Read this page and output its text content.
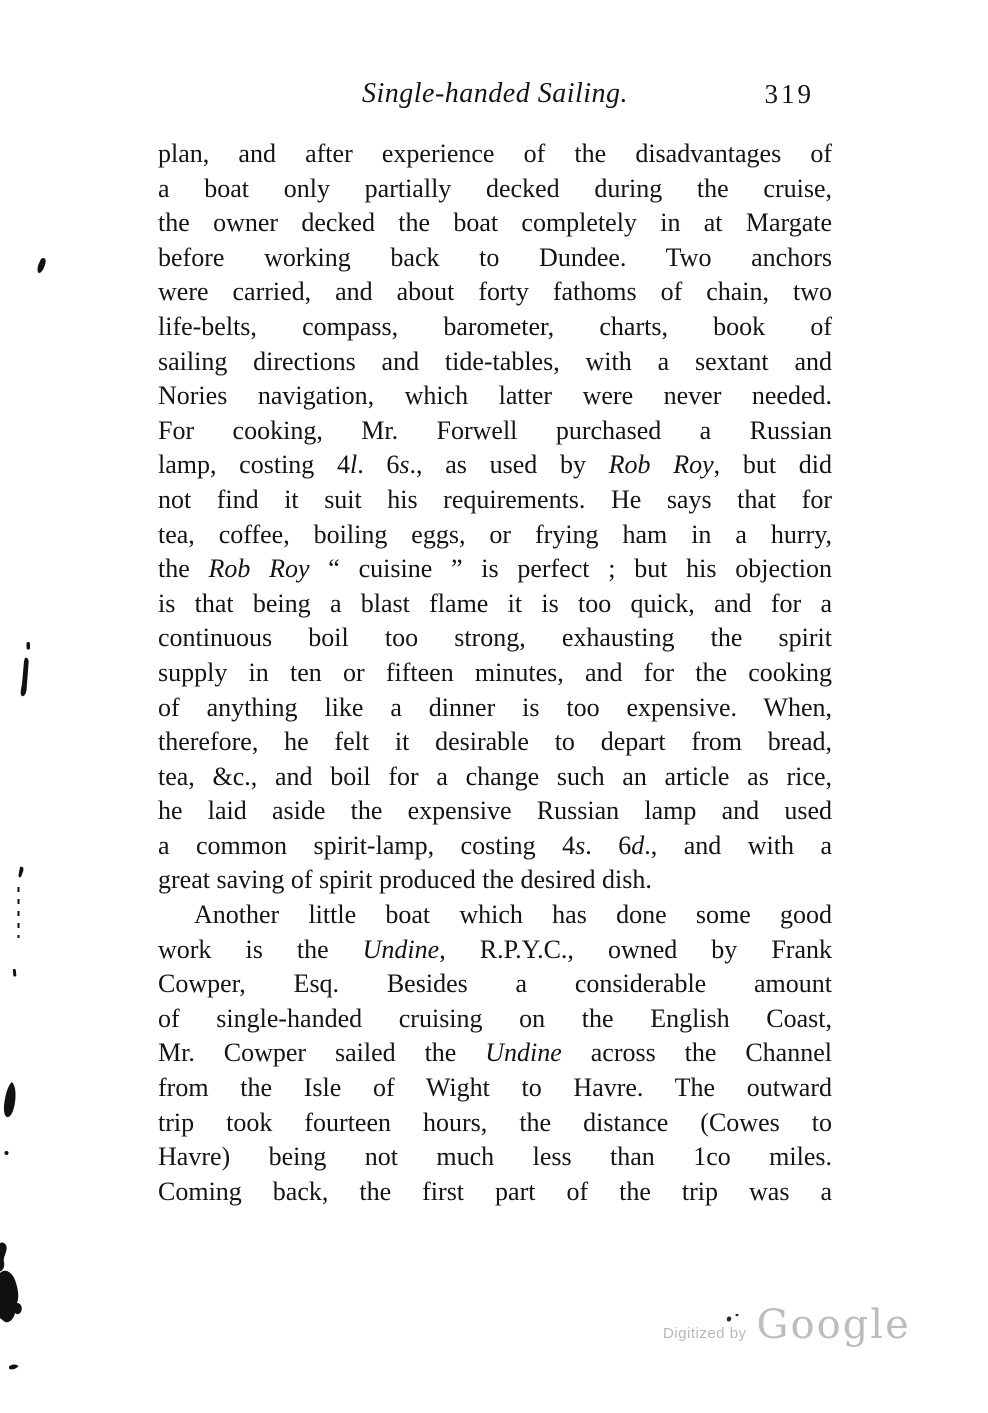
Single-handed Sailing.	319
plan, and after experience of the disadvantages of
a boat only partially decked during the cruise,
the owner decked the boat completely in at Margate
before working back to Dundee. Two anchors
were carried, and about forty fathoms of chain, two
life-belts, compass, barometer, charts, book of
sailing directions and tide-tables, with a sextant and
Nories navigation, which latter were never needed.
For cooking, Mr. Forwell purchased a Russian
lamp, costing 4l. 6s., as used by Rob Roy, but did
not find it suit his requirements. He says that for
tea, coffee, boiling eggs, or frying ham in a hurry,
the Rob Roy “ cuisine ” is perfect ; but his objection
is that being a blast flame it is too quick, and for a
continuous boil too strong, exhausting the spirit
supply in ten or fifteen minutes, and for the cooking
of anything like a dinner is too expensive. When,
therefore, he felt it desirable to depart from bread,
tea, &c., and boil for a change such an article as rice,
he laid aside the expensive Russian lamp and used
a common spirit-lamp, costing 4s. 6d., and with a
great saving of spirit produced the desired dish.
Another little boat which has done some good
work is the Undine, R.P.Y.C., owned by Frank
Cowper, Esq. Besides a considerable amount
of single-handed cruising on the English Coast,
Mr. Cowper sailed the Undine across the Channel
from the Isle of Wight to Havre. The outward
trip took fourteen hours, the distance (Cowes to
Havre) being not much less than 1co miles.
Coming back, the first part of the trip was a
Digitized by Google
